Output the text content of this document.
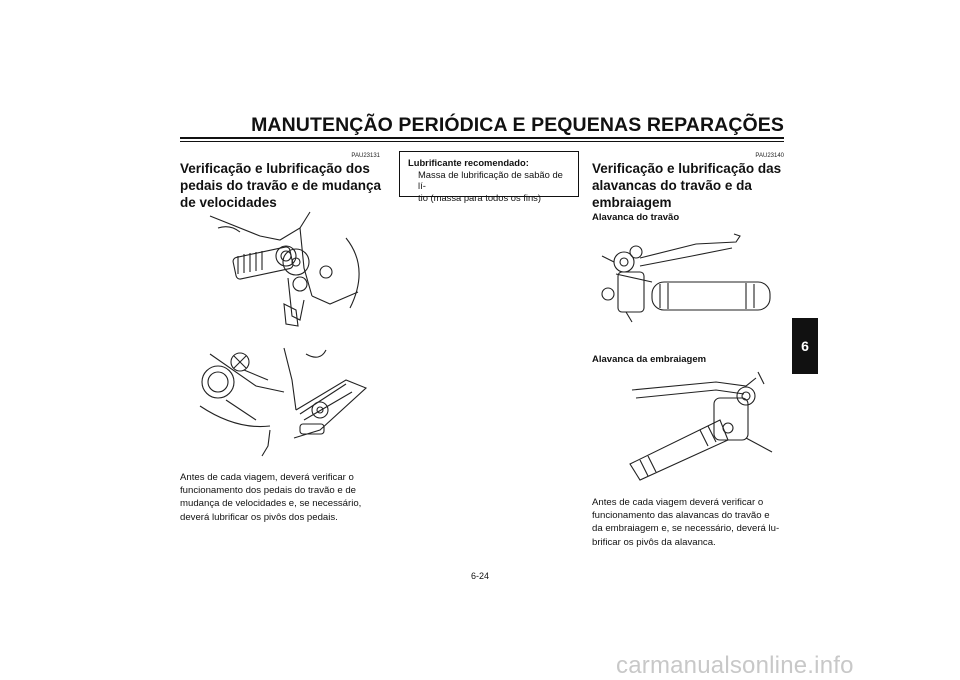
MANUTENÇÃO PERIÓDICA E PEQUENAS REPARAÇÕES
6
PAU23131
Verificação e lubrificação dos
pedais do travão e de mudança
de velocidades
Antes de cada viagem, deverá verificar o
funcionamento dos pedais do travão e de
mudança de velocidades e, se necessário,
deverá lubrificar os pivôs dos pedais.
Lubrificante recomendado:
Massa de lubrificação de sabão de lí-
tio (massa para todos os fins)
PAU23140
Verificação e lubrificação das
alavancas do travão e da
embraiagem
Alavanca do travão
Alavanca da embraiagem
Antes de cada viagem deverá verificar o
funcionamento das alavancas do travão e
da embraiagem e, se necessário, deverá lu-
brificar os pivôs da alavanca.
6-24
carmanualsonline.info
